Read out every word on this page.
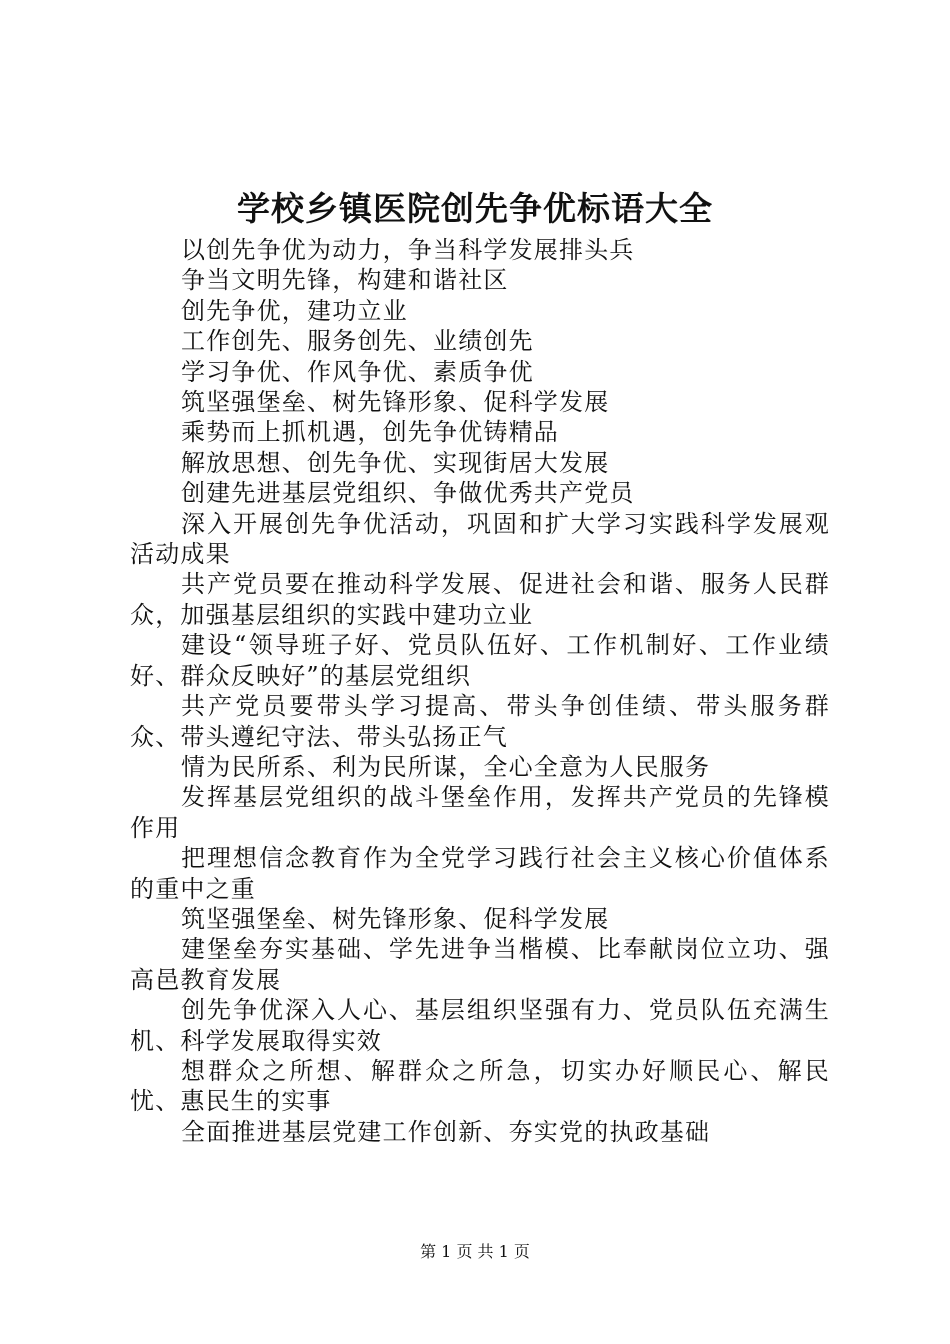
学校乡镇医院创先争优标语大全

以创先争优为动力，争当科学发展排头兵

争当文明先锋，构建和谐社区

创先争优，建功立业

工作创先、服务创先、业绩创先

学习争优、作风争优、素质争优

筑坚强堡垒、树先锋形象、促科学发展

乘势而上抓机遇，创先争优铸精品

解放思想、创先争优、实现街居大发展

创建先进基层党组织、争做优秀共产党员

深入开展创先争优活动，巩固和扩大学习实践科学发展观活动成果

共产党员要在推动科学发展、促进社会和谐、服务人民群众，加强基层组织的实践中建功立业

建设“领导班子好、党员队伍好、工作机制好、工作业绩好、群众反映好”的基层党组织

共产党员要带头学习提高、带头争创佳绩、带头服务群众、带头遵纪守法、带头弘扬正气

情为民所系、利为民所谋，全心全意为人民服务

发挥基层党组织的战斗堡垒作用，发挥共产党员的先锋模作用

把理想信念教育作为全党学习践行社会主义核心价值体系的重中之重

筑坚强堡垒、树先锋形象、促科学发展

建堡垒夯实基础、学先进争当楷模、比奉献岗位立功、强高邑教育发展

创先争优深入人心、基层组织坚强有力、党员队伍充满生机、科学发展取得实效

想群众之所想、解群众之所急，切实办好顺民心、解民忧、惠民生的实事

全面推进基层党建工作创新、夯实党的执政基础

第 1 页 共 1 页
